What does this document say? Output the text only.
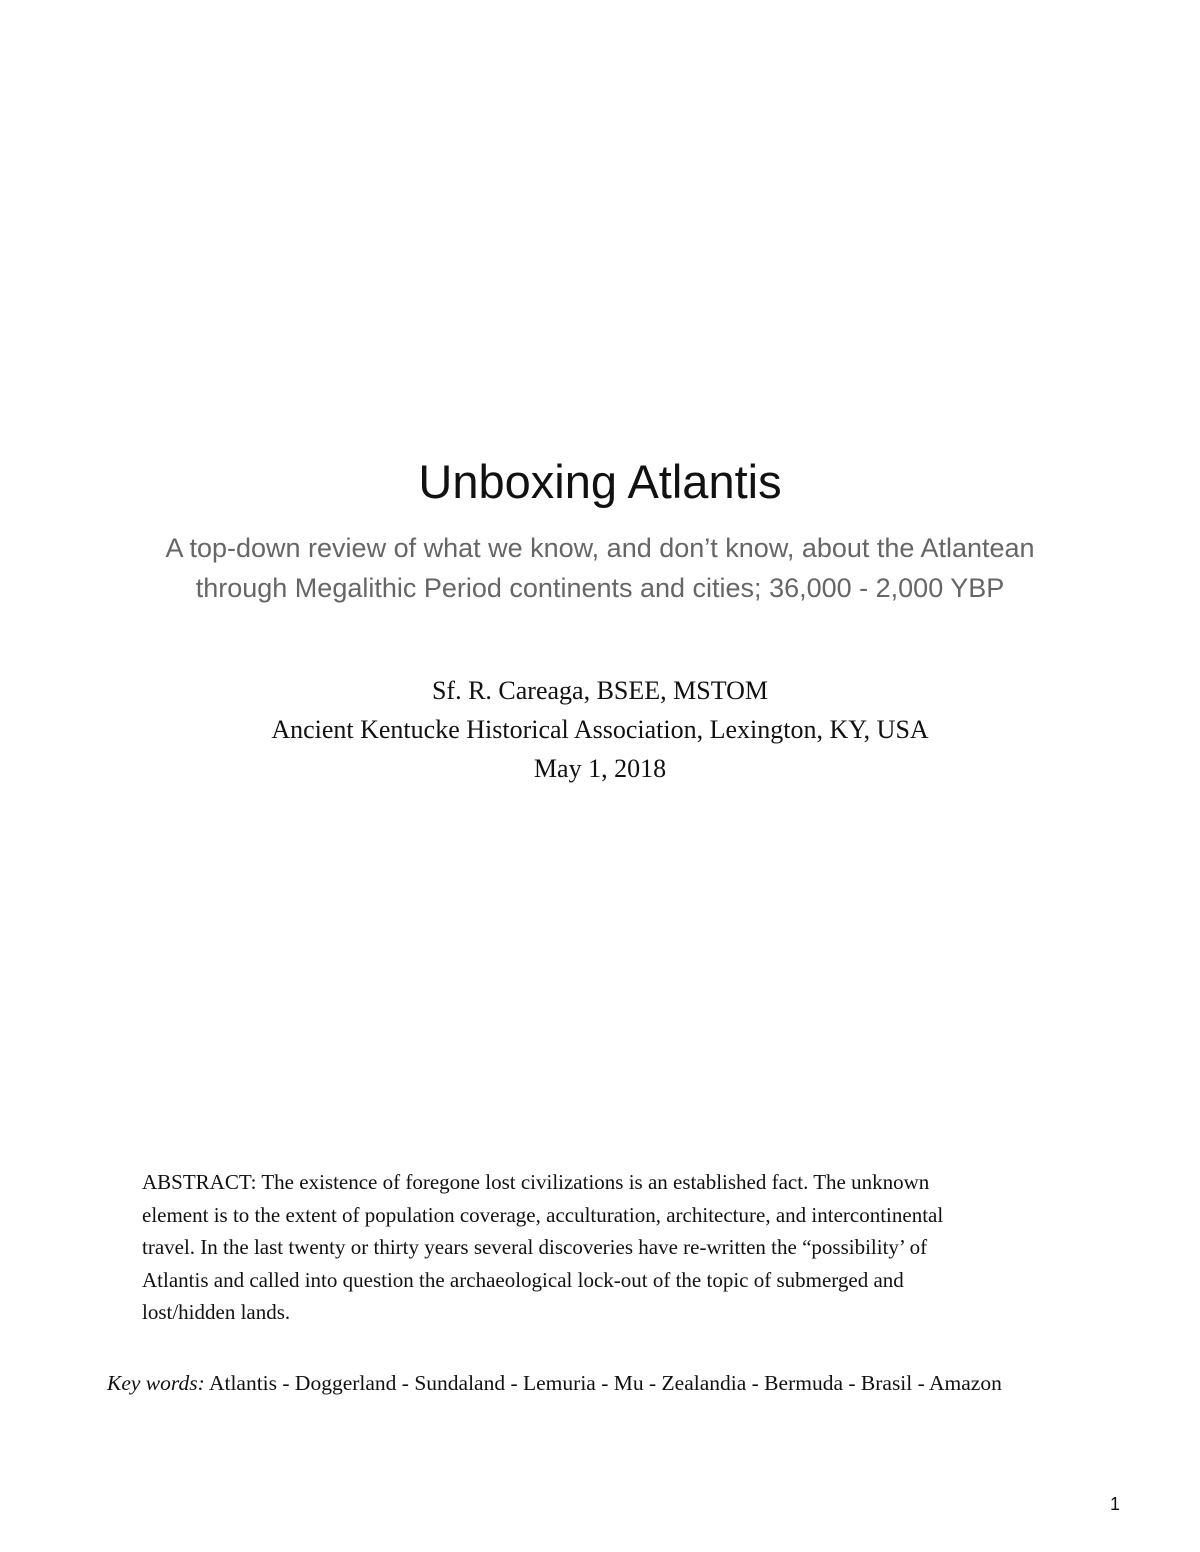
Unboxing Atlantis
A top-down review of what we know, and don’t know, about the Atlantean
through Megalithic Period continents and cities; 36,000 - 2,000 YBP
Sf. R. Careaga, BSEE, MSTOM
Ancient Kentucke Historical Association, Lexington, KY, USA
May 1, 2018
ABSTRACT: The existence of foregone lost civilizations is an established fact. The unknown
element is to the extent of population coverage, acculturation, architecture, and intercontinental
travel. In the last twenty or thirty years several discoveries have re-written the “possibility’ of
Atlantis and called into question the archaeological lock-out of the topic of submerged and
lost/hidden lands.
Key words: Atlantis - Doggerland - Sundaland - Lemuria - Mu - Zealandia - Bermuda - Brasil - Amazon
1
